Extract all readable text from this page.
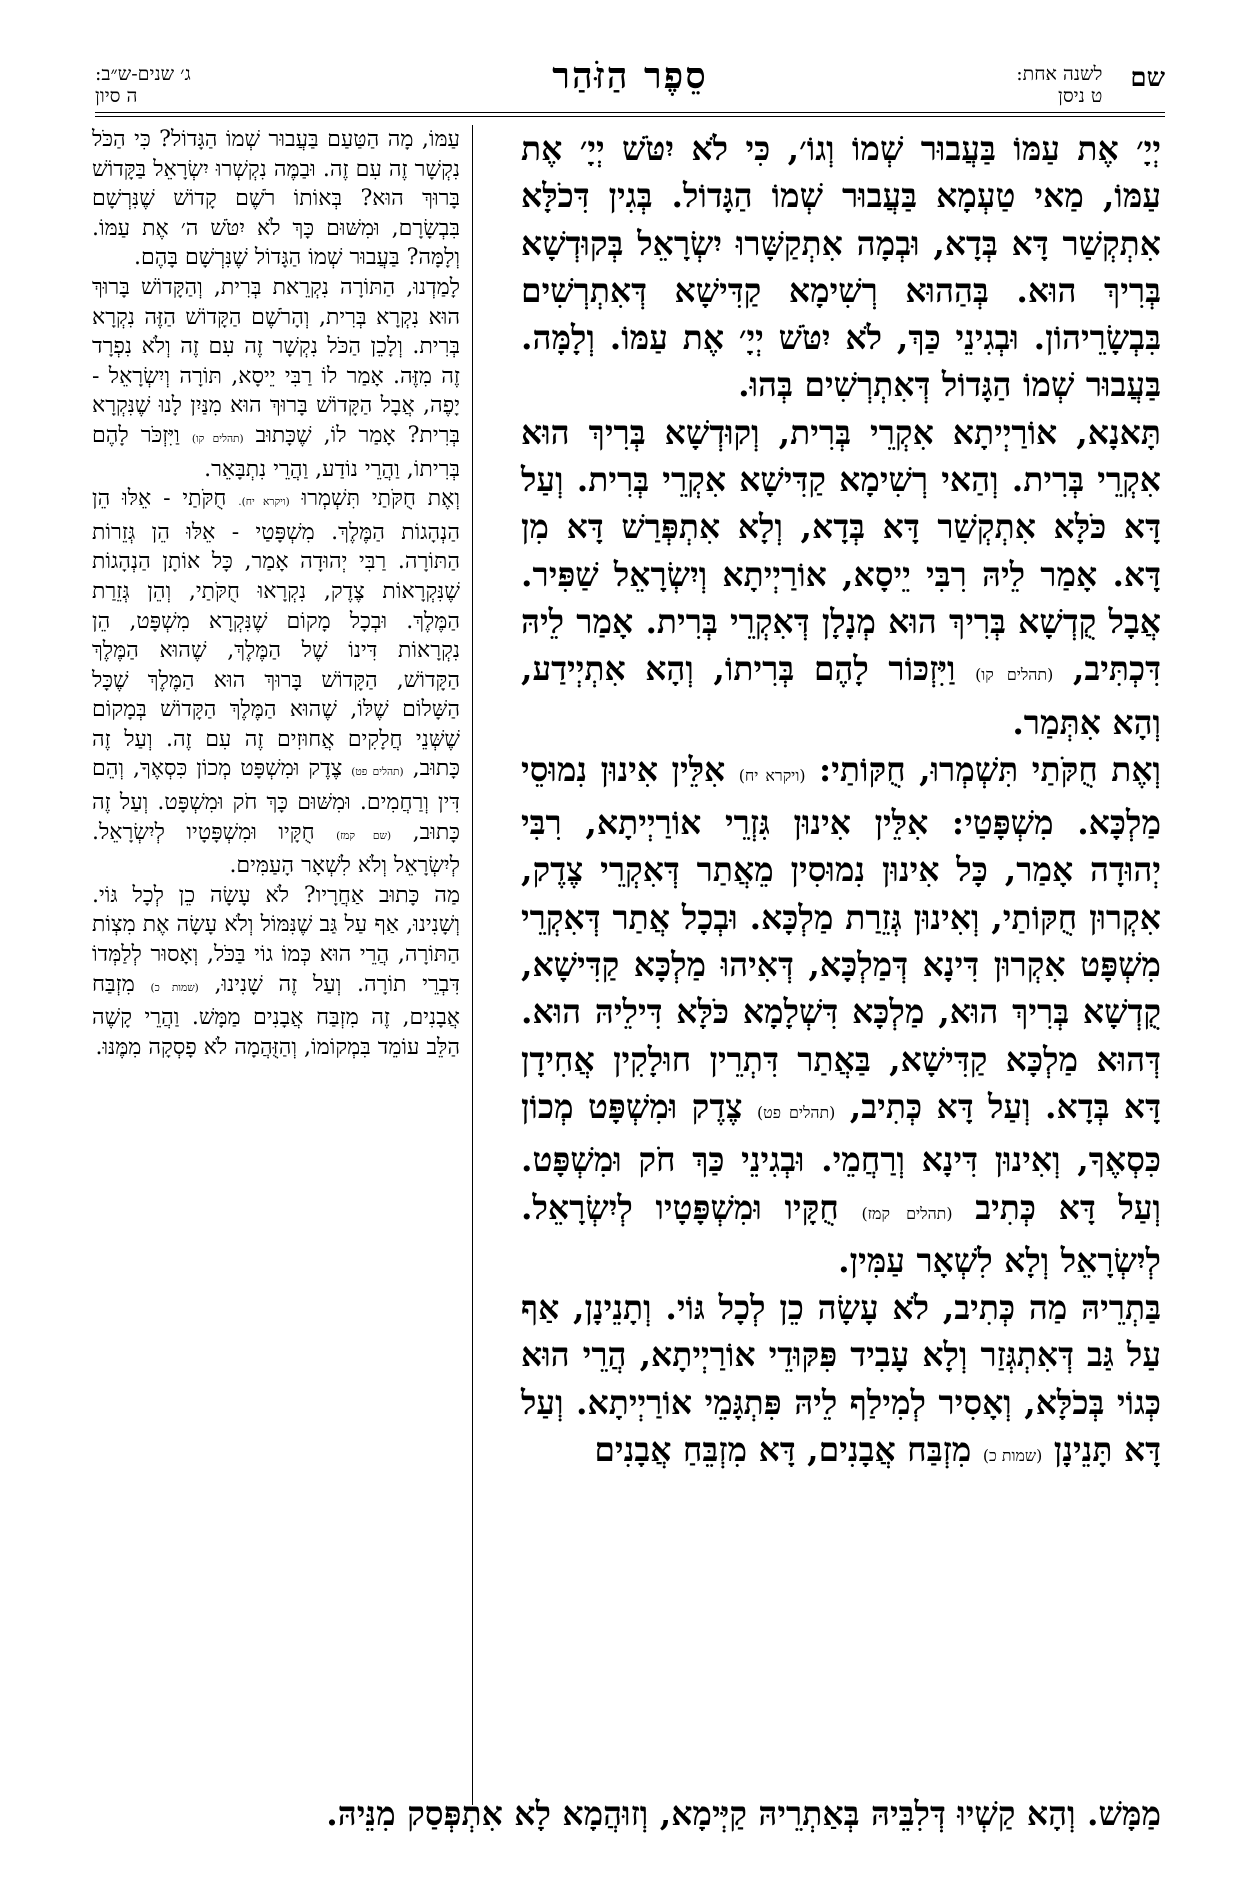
שם
לשנה אחת:
ט ניסן
סֵפֶר הַזֹּהַר
ג׳ שנים-ש״ב:
ה סיון

יְיָ׳ אֶת עַמּוֹ בַּעֲבוּר שְׁמוֹ וְגוֹ׳, כִּי לֹא יִטֹּשׁ יְיָ׳ אֶת עַמּוֹ, מַאי טַעְמָא בַּעֲבוּר שְׁמוֹ הַגָּדוֹל. בְּגִין דִּכֹלָּא אִתְקְשַׁר דָּא בְּדָא, וּבְמָה אִתְקַשָּׁרוּ יִשְׂרָאֵל בְּקוּדְשָׁא בְּרִיךְ הוּא. בְּהַהוּא רְשִׁימָא קַדִּישָׁא דְּאִתְרְשִׁים בִּבְשָׂרֵיהוֹן. וּבְגִינֵי כַּךְ, לֹא יִטֹּשׁ יְיָ׳ אֶת עַמּוֹ. וְלָמָּה. בַּעֲבוּר שְׁמוֹ הַגָּדוֹל דְּאִתְרְשִׁים בְּהוּ.

תָּאנָא, אוֹרַיְיתָא אִקְרֵי בְּרִית, וְקוּדְשָׁא בְּרִיךְ הוּא אִקְרֵי בְּרִית. וְהַאי רְשִׁימָא קַדִּישָׁא אִקְרֵי בְּרִית. וְעַל דָּא כֹּלָּא אִתְקְשַׁר דָּא בְּדָא, וְלָא אִתְפְּרַשׁ דָּא מִן דָּא. אָמַר לֵיהּ רִבִּי יֵיסָא, אוֹרַיְיתָא וְיִשְׂרָאֵל שַׁפִּיר. אֲבָל קֻדְשָׁא בְּרִיךְ הוּא מְנָלָן דְּאִקְרֵי בְּרִית. אָמַר לֵיהּ דִּכְתִּיב, (תהלים קו) וַיִּזְכּוֹר לָהֶם בְּרִיתוֹ, וְהָא אִתְיְידַע, וְהָא אִתְּמַר.

וְאֶת חֻקֹּתַי תִּשְׁמְרוּ, חֻקּוֹתַי: (ויקרא יח) אִלֵּין אִינוּן נִמוּסֵי מַלְכָּא. מִשְׁפָּטַי: אִלֵּין אִינוּן גִּזְרֵי אוֹרַיְיתָא, רִבִּי יְהוּדָה אָמַר, כָּל אִינוּן נִמוּסִין מֵאֲתַר דְּאִקְרֵי צֶדֶק, אִקְרוּן חֻקּוֹתַי, וְאִינוּן גְּזֵרַת מַלְכָּא. וּבְכָל אֲתַר דְּאִקְרֵי מִשְׁפָּט אִקְרוּן דִּינָא דְּמַלְכָּא, דְּאִיהוּ מַלְכָּא קַדִּישָׁא, קֻדְשָׁא בְּרִיךְ הוּא, מַלְכָּא דִּשְׁלָמָא כֹּלָּא דִּילֵיהּ הוּא. דְּהוּא מַלְכָּא קַדִּישָׁא, בַּאֲתַר דִּתְרֵין חוּלָקִין אֲחִידָן דָּא בְּדָא. וְעַל דָּא כְּתִיב, (תהלים פט) צֶדֶק וּמִשְׁפָּט מְכוֹן כִּסְאֶךָ, וְאִינוּן דִּינָא וְרַחֲמֵי. וּבְגִינֵי כַּךְ חֹק וּמִשְׁפָּט. וְעַל דָּא כְּתִיב (תהלים קמז) חֻקָּיו וּמִשְׁפָּטָיו לְיִשְׂרָאֵל. לְיִשְׂרָאֵל וְלָא לִשְׁאָר עַמִּין.

בַּתְרֵיהּ מַה כְּתִיב, לֹא עָשָׂה כֵן לְכָל גּוֹי. וְתָנֵינָן, אַף עַל גַּב דְּאִתְגְּזַר וְלָא עָבִיד פִּקּוּדֵי אוֹרַיְיתָא, הֲרֵי הוּא כְּגוֹי בְּכֹלָּא, וְאָסִיר לְמִילַף לֵיהּ פִּתְגָּמֵי אוֹרַיְיתָא. וְעַל דָּא תָּנֵינָן (שמות כ) מִזְבַּח אֲבָנִים, דָּא מִזְבֵּחַ אֲבָנִים

עַמּוֹ, מָה הַטַּעַם בַּעֲבוּר שְׁמוֹ הַגָּדוֹל? כִּי הַכֹּל נִקְשָׁר זֶה עִם זֶה. וּבַמֶּה נִקְשְׁרוּ יִשְׂרָאֵל בַּקָּדוֹשׁ בָּרוּךְ הוּא? בְּאוֹתוֹ רֹשֶׁם קָדוֹשׁ שֶׁנִּרְשָׁם בִּבְשָׂרָם, וּמִשּׁוּם כָּךְ לֹא יִטֹּשׁ ה׳ אֶת עַמּוֹ. וְלָמָּה? בַּעֲבוּר שְׁמוֹ הַגָּדוֹל שֶׁנִּרְשָׁם בָּהֶם.

לָמַדְנוּ, הַתּוֹרָה נִקְרֵאת בְּרִית, וְהַקָּדוֹשׁ בָּרוּךְ הוּא נִקְרָא בְּרִית, וְהָרֹשֶׁם הַקָּדוֹשׁ הַזֶּה נִקְרָא בְּרִית. וְלָכֵן הַכֹּל נִקְשָׁר זֶה עִם זֶה וְלֹא נִפְרָד זֶה מִזֶּה. אָמַר לוֹ רַבִּי יֵיסָא, תּוֹרָה וְיִשְׂרָאֵל - יָפֶה, אֲבָל הַקָּדוֹשׁ בָּרוּךְ הוּא מִנַּיִן לָנוּ שֶׁנִּקְרָא בְּרִית? אָמַר לוֹ, שֶׁכָּתוּב (תהלים קו) וַיִּזְכֹּר לָהֶם בְּרִיתוֹ, וַהֲרֵי נוֹדַע, וַהֲרֵי נִתְבָּאֵר.

וְאֶת חֻקֹּתַי תִּשְׁמְרוּ (ויקרא יח). חֻקֹּתַי - אֵלּוּ הֵן הַנְהָגוֹת הַמֶּלֶךְ. מִשְׁפָּטַי - אֵלּוּ הֵן גְּזֵרוֹת הַתּוֹרָה. רַבִּי יְהוּדָה אָמַר, כָּל אוֹתָן הַנְהָגוֹת שֶׁנִּקְרָאוֹת צֶדֶק, נִקְרָאוּ חֻקֹּתַי, וְהֵן גְּזֵרַת הַמֶּלֶךְ. וּבְכָל מָקוֹם שֶׁנִּקְרָא מִשְׁפָּט, הֵן נִקְרָאוֹת דִּינוֹ שֶׁל הַמֶּלֶךְ, שֶׁהוּא הַמֶּלֶךְ הַקָּדוֹשׁ, הַקָּדוֹשׁ בָּרוּךְ הוּא הַמֶּלֶךְ שֶׁכָּל הַשָּׁלוֹם שֶׁלּוֹ, שֶׁהוּא הַמֶּלֶךְ הַקָּדוֹשׁ בְּמָקוֹם שֶׁשְּׁנֵי חֲלָקִים אֲחוּזִים זֶה עִם זֶה. וְעַל זֶה כָּתוּב, (תהלים פט) צֶדֶק וּמִשְׁפָּט מְכוֹן כִּסְאֶךָ, וְהֵם דִּין וְרַחֲמִים. וּמִשּׁוּם כָּךְ חֹק וּמִשְׁפָּט. וְעַל זֶה כָּתוּב, (שם קמז) חֻקָּיו וּמִשְׁפָּטָיו לְיִשְׂרָאֵל. לְיִשְׂרָאֵל וְלֹא לִשְׁאָר הָעַמִּים.

מַה כָּתוּב אַחֲרָיו? לֹא עָשָׂה כֵן לְכָל גּוֹי. וְשָׁנִינוּ, אַף עַל גַּב שֶׁנִּמּוֹל וְלֹא עָשָׂה אֶת מִצְוֹת הַתּוֹרָה, הֲרֵי הוּא כְּמוֹ גוֹי בַּכֹּל, וְאָסוּר לְלַמְּדוֹ דִּבְרֵי תוֹרָה. וְעַל זֶה שָׁנִינוּ, (שמות כ) מִזְבַּח אֲבָנִים, זֶה מִזְבַּח אֲבָנִים מַמָּשׁ. וַהֲרֵי קָשֶׁה הַלֵּב עוֹמֵד בִּמְקוֹמוֹ, וְהַזֻּהֲמָה לֹא פָסְקָה מִמֶּנּוּ.

מַמָּשׁ. וְהָא קַשְׁיוּ דְּלִבֵּיהּ בְּאַתְרֵיהּ קַיְּימָא, וְזוּהֲמָא לָא אִתְפְּסַק מִנֵּיהּ.
